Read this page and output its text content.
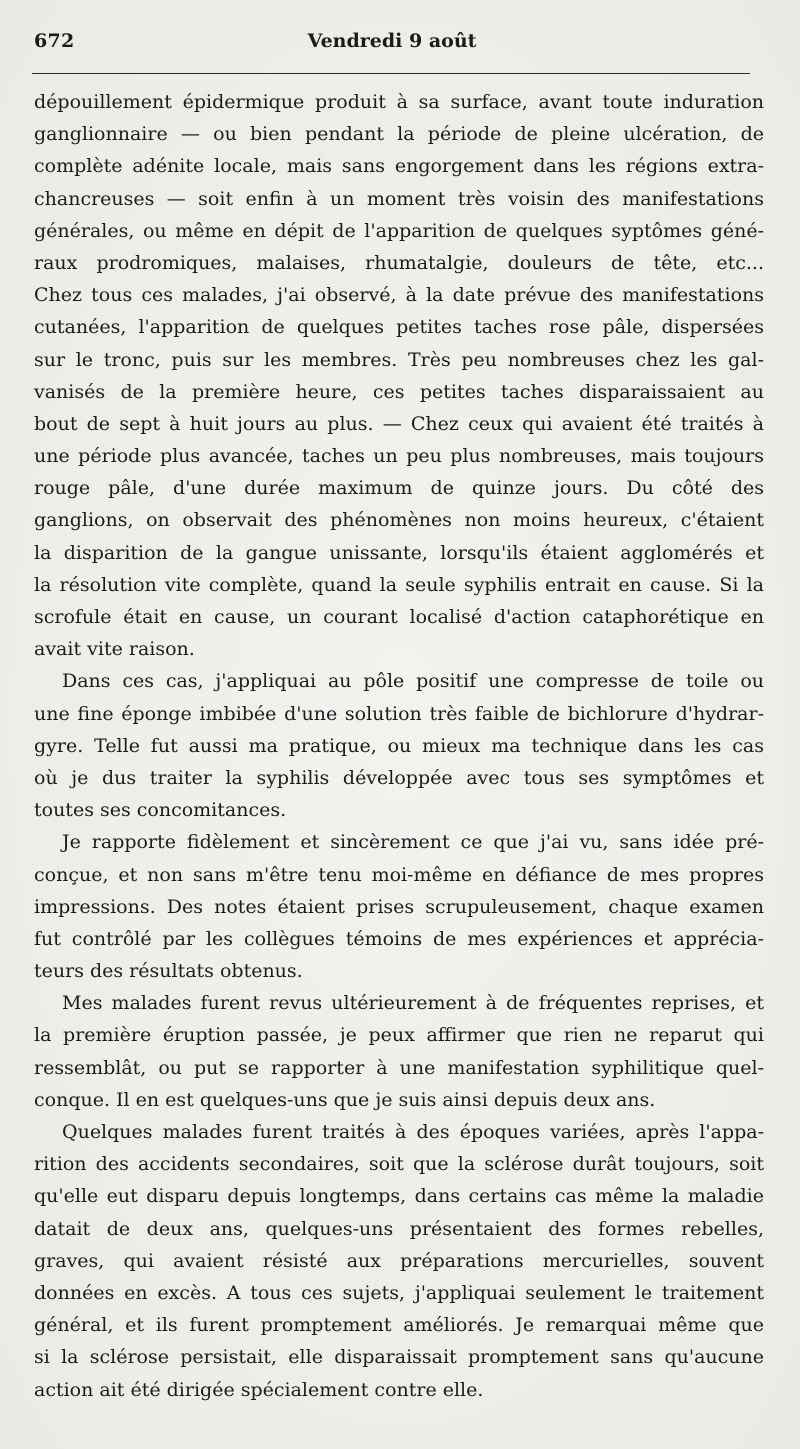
672	Vendredi 9 août
dépouillement épidermique produit à sa surface, avant toute induration
ganglionnaire — ou bien pendant la période de pleine ulcération, de
complète adénite locale, mais sans engorgement dans les régions extra-
chancreuses — soit enfin à un moment très voisin des manifestations
générales, ou même en dépit de l'apparition de quelques syptômes géné-
raux prodromiques, malaises, rhumatalgie, douleurs de tête, etc...
Chez tous ces malades, j'ai observé, à la date prévue des manifestations
cutanées, l'apparition de quelques petites taches rose pâle, dispersées
sur le tronc, puis sur les membres. Très peu nombreuses chez les gal-
vanisés de la première heure, ces petites taches disparaissaient au
bout de sept à huit jours au plus. — Chez ceux qui avaient été traités à
une période plus avancée, taches un peu plus nombreuses, mais toujours
rouge pâle, d'une durée maximum de quinze jours. Du côté des
ganglions, on observait des phénomènes non moins heureux, c'étaient
la disparition de la gangue unissante, lorsqu'ils étaient agglomérés et
la résolution vite complète, quand la seule syphilis entrait en cause. Si la
scrofule était en cause, un courant localisé d'action cataphorétique en
avait vite raison.
Dans ces cas, j'appliquai au pôle positif une compresse de toile ou
une fine éponge imbibée d'une solution très faible de bichlorure d'hydrar-
gyre. Telle fut aussi ma pratique, ou mieux ma technique dans les cas
où je dus traiter la syphilis développée avec tous ses symptômes et
toutes ses concomitances.
Je rapporte fidèlement et sincèrement ce que j'ai vu, sans idée pré-
conçue, et non sans m'être tenu moi-même en défiance de mes propres
impressions. Des notes étaient prises scrupuleusement, chaque examen
fut contrôlé par les collègues témoins de mes expériences et apprécia-
teurs des résultats obtenus.
Mes malades furent revus ultérieurement à de fréquentes reprises, et
la première éruption passée, je peux affirmer que rien ne reparut qui
ressemblât, ou put se rapporter à une manifestation syphilitique quel-
conque. Il en est quelques-uns que je suis ainsi depuis deux ans.
Quelques malades furent traités à des époques variées, après l'appa-
rition des accidents secondaires, soit que la sclérose durât toujours, soit
qu'elle eut disparu depuis longtemps, dans certains cas même la maladie
datait de deux ans, quelques-uns présentaient des formes rebelles,
graves, qui avaient résisté aux préparations mercurielles, souvent
données en excès. A tous ces sujets, j'appliquai seulement le traitement
général, et ils furent promptement améliorés. Je remarquai même que
si la sclérose persistait, elle disparaissait promptement sans qu'aucune
action ait été dirigée spécialement contre elle.
